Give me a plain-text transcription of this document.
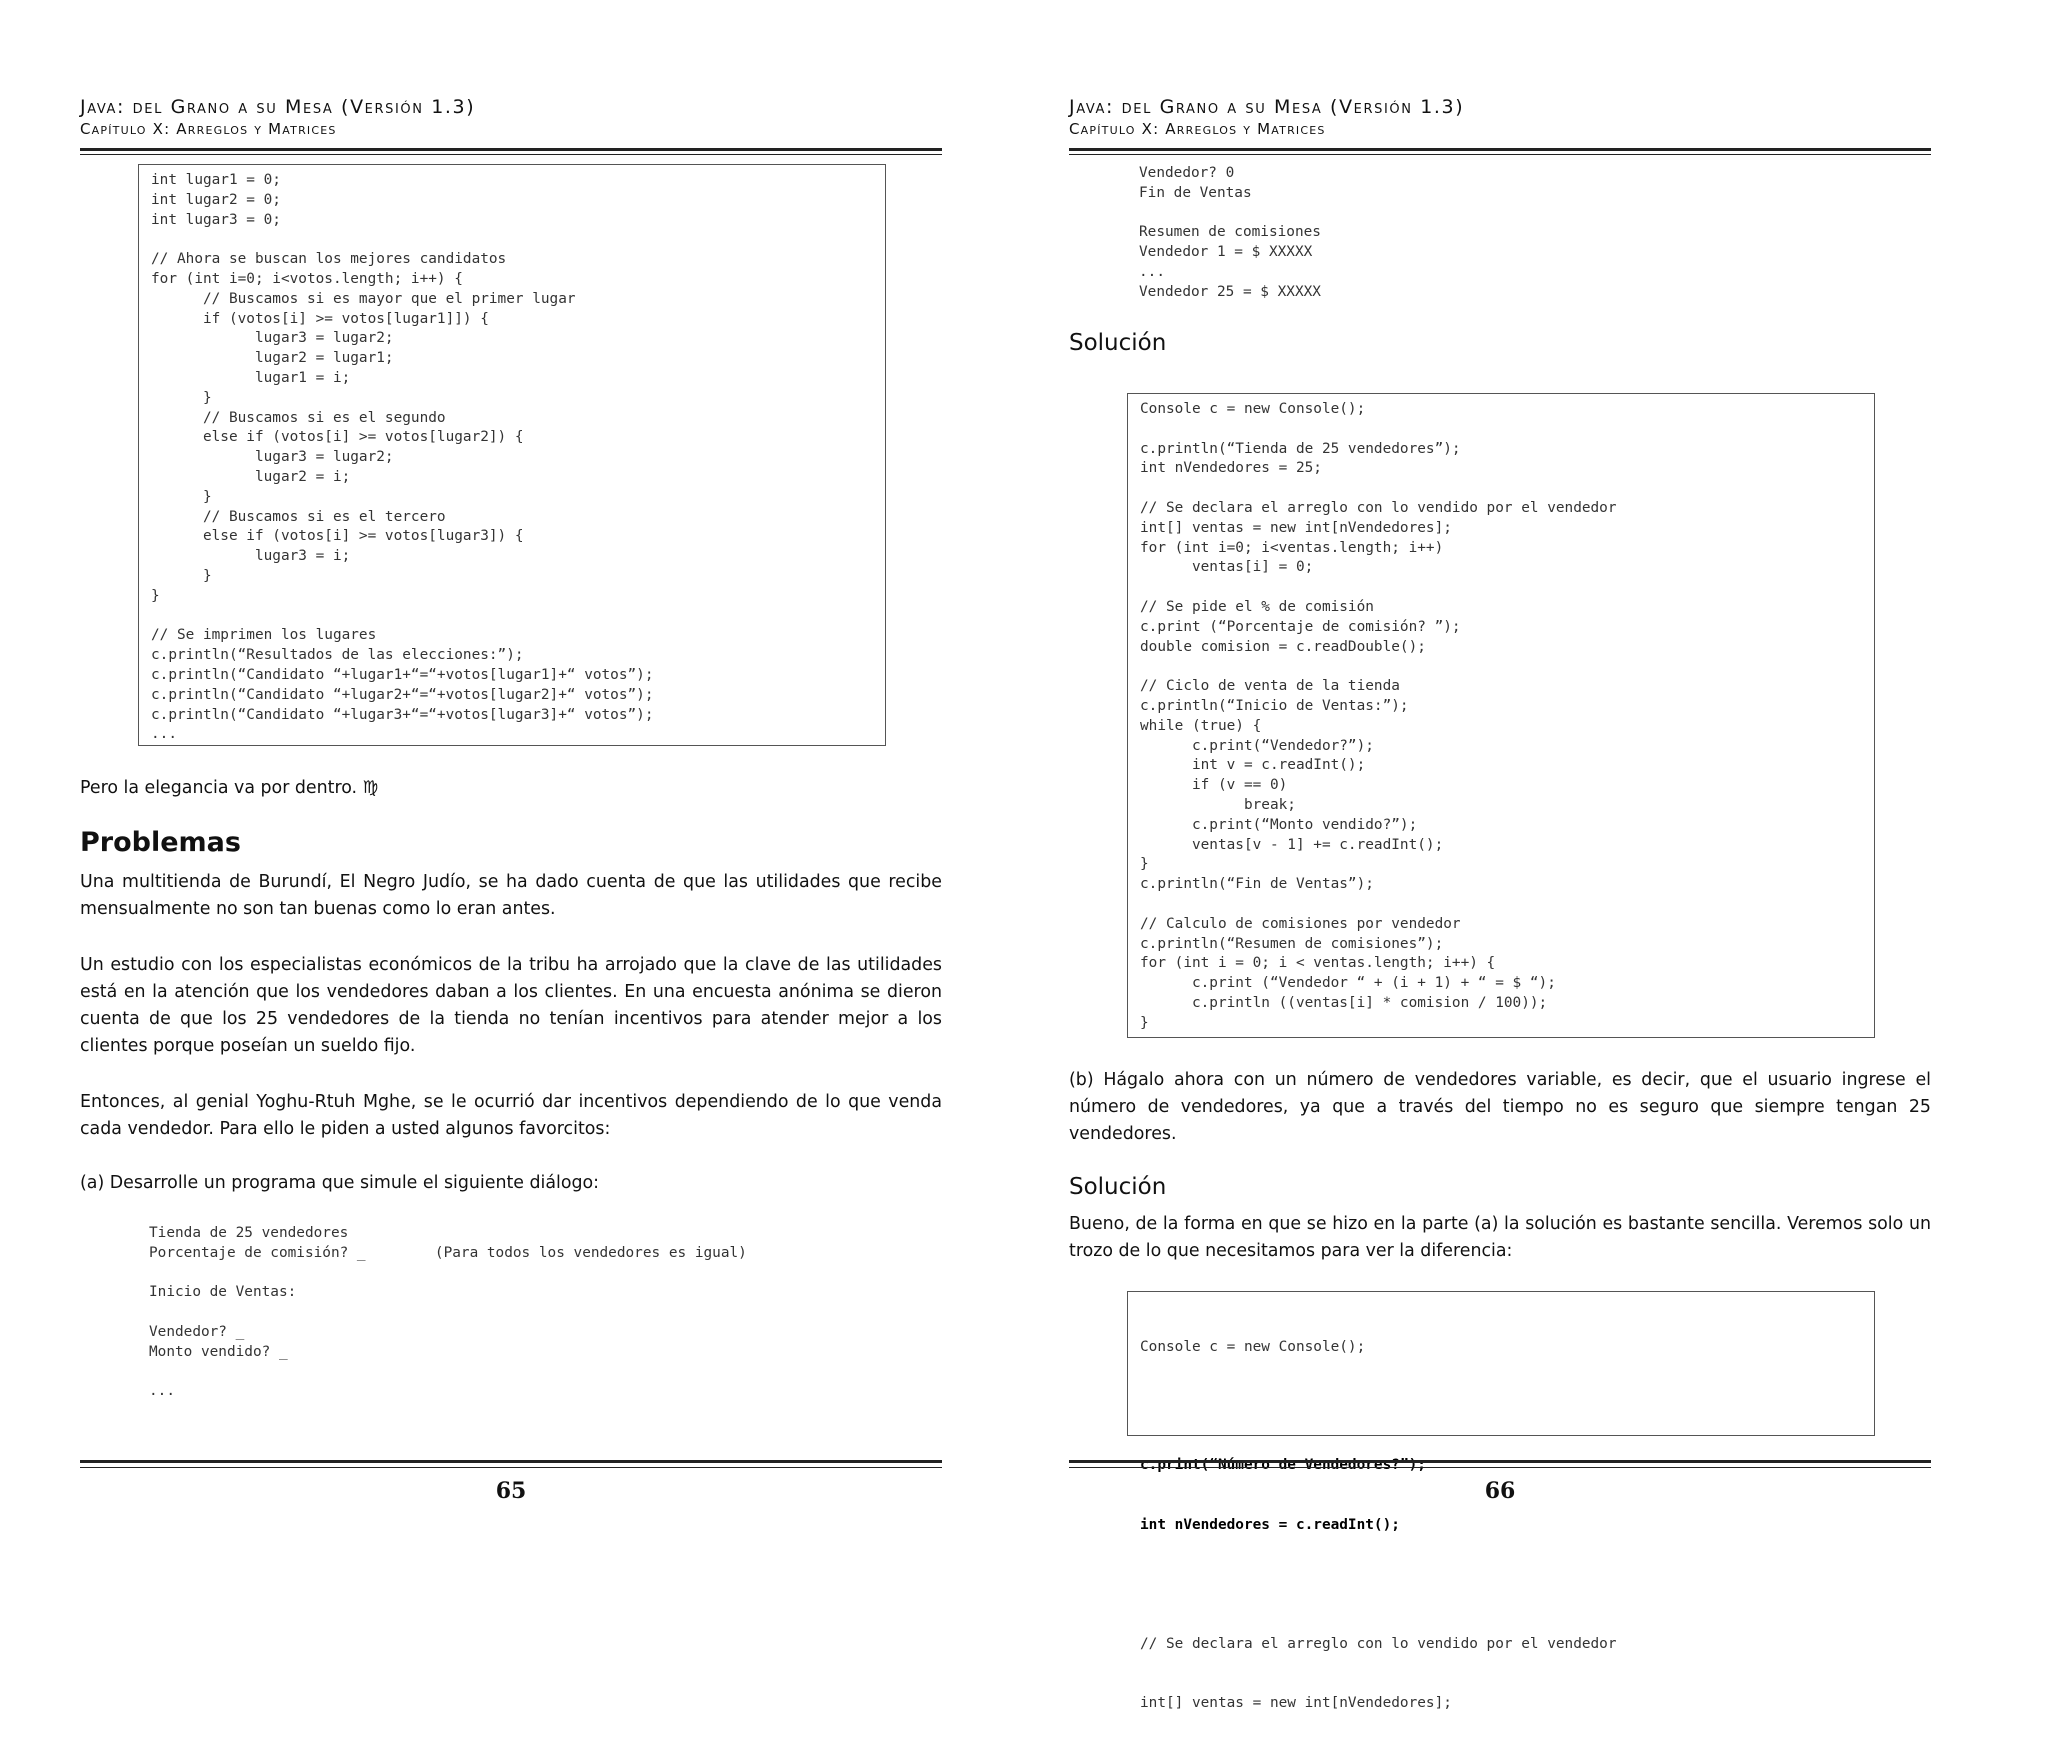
Java: del Grano a su Mesa (Versión 1.3)
Capítulo X: Arreglos y Matrices
int lugar1 = 0;
int lugar2 = 0;
int lugar3 = 0;

// Ahora se buscan los mejores candidatos
for (int i=0; i<votos.length; i++) {
// Buscamos si es mayor que el primer lugar
if (votos[i] >= votos[lugar1]]) {
lugar3 = lugar2;
lugar2 = lugar1;
lugar1 = i;
}
// Buscamos si es el segundo
else if (votos[i] >= votos[lugar2]) {
lugar3 = lugar2;
lugar2 = i;
}
// Buscamos si es el tercero
else if (votos[i] >= votos[lugar3]) {
lugar3 = i;
}
}

// Se imprimen los lugares
c.println(“Resultados de las elecciones:”);
c.println(“Candidato “+lugar1+“=“+votos[lugar1]+“ votos”);
c.println(“Candidato “+lugar2+“=“+votos[lugar2]+“ votos”);
c.println(“Candidato “+lugar3+“=“+votos[lugar3]+“ votos”);
...
Pero la elegancia va por dentro. ♍
Problemas
Una multitienda de Burundí, El Negro Judío, se ha dado cuenta de que las utilidades que recibe mensualmente no son tan buenas como lo eran antes.
Un estudio con los especialistas económicos de la tribu ha arrojado que la clave de las utilidades está en la atención que los vendedores daban a los clientes. En una encuesta anónima se dieron cuenta de que los 25 vendedores de la tienda no tenían incentivos para atender mejor a los clientes porque poseían un sueldo fijo.
Entonces, al genial Yoghu-Rtuh Mghe, se le ocurrió dar incentivos dependiendo de lo que venda cada vendedor. Para ello le piden a usted algunos favorcitos:
(a) Desarrolle un programa que simule el siguiente diálogo:
Tienda de 25 vendedores
Porcentaje de comisión? _        (Para todos los vendedores es igual)

Inicio de Ventas:

Vendedor? _
Monto vendido? _

...
65
Java: del Grano a su Mesa (Versión 1.3)
Capítulo X: Arreglos y Matrices
Vendedor? 0
Fin de Ventas

Resumen de comisiones
Vendedor 1 = $ XXXXX
...
Vendedor 25 = $ XXXXX
Solución
Console c = new Console();

c.println(“Tienda de 25 vendedores”);
int nVendedores = 25;

// Se declara el arreglo con lo vendido por el vendedor
int[] ventas = new int[nVendedores];
for (int i=0; i<ventas.length; i++)
ventas[i] = 0;

// Se pide el % de comisión
c.print (“Porcentaje de comisión? ”);
double comision = c.readDouble();

// Ciclo de venta de la tienda
c.println(“Inicio de Ventas:”);
while (true) {
c.print(“Vendedor?”);
int v = c.readInt();
if (v == 0)
break;
c.print(“Monto vendido?”);
ventas[v - 1] += c.readInt();
}
c.println(“Fin de Ventas”);

// Calculo de comisiones por vendedor
c.println(“Resumen de comisiones”);
for (int i = 0; i < ventas.length; i++) {
c.print (“Vendedor “ + (i + 1) + “ = $ “);
c.println ((ventas[i] * comision / 100));
}
(b) Hágalo ahora con un número de vendedores variable, es decir, que el usuario ingrese el número de vendedores, ya que a través del tiempo no es seguro que siempre tengan 25 vendedores.
Solución
Bueno, de la forma en que se hizo en la parte (a) la solución es bastante sencilla. Veremos solo un trozo de lo que necesitamos para ver la diferencia:

Console c = new Console();

c.print(“Número de Vendedores?”);

int nVendedores = c.readInt();

// Se declara el arreglo con lo vendido por el vendedor

int[] ventas = new int[nVendedores];

66
